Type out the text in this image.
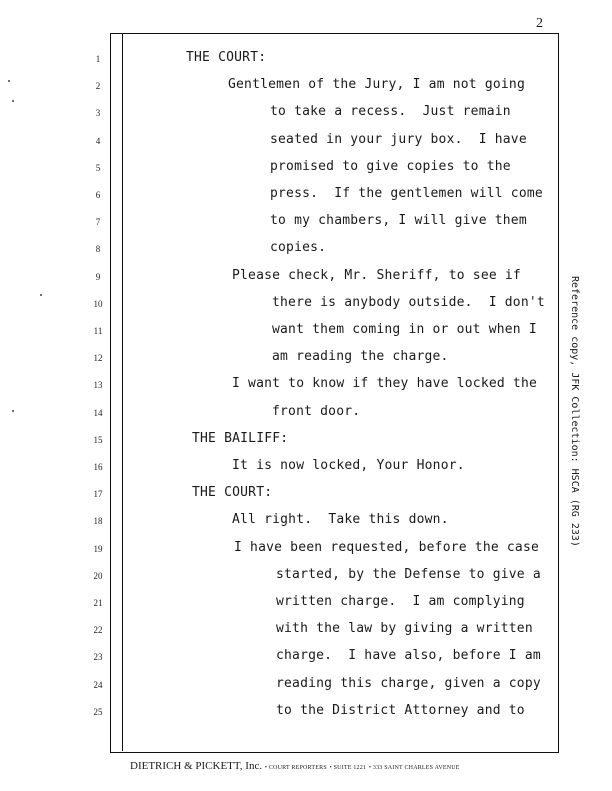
2
1	THE COURT:
2	Gentlemen of the Jury, I am not going
3	to take a recess.  Just remain
4	seated in your jury box.  I have
5	promised to give copies to the
6	press.  If the gentlemen will come
7	to my chambers, I will give them
8	copies.
9	Please check, Mr. Sheriff, to see if
10	there is anybody outside.  I don't
11	want them coming in or out when I
12	am reading the charge.
13	I want to know if they have locked the
14	front door.
15	THE BAILIFF:
16	It is now locked, Your Honor.
17	THE COURT:
18	All right.  Take this down.
19	I have been requested, before the case
20	started, by the Defense to give a
21	written charge.  I am complying
22	with the law by giving a written
23	charge.  I have also, before I am
24	reading this charge, given a copy
25	to the District Attorney and to
DIETRICH & PICKETT, Inc. • COURT REPORTERS • SUITE 1221 • 333 SAINT CHARLES AVENUE
Reference copy, JFK Collection: HSCA (RG 233)
